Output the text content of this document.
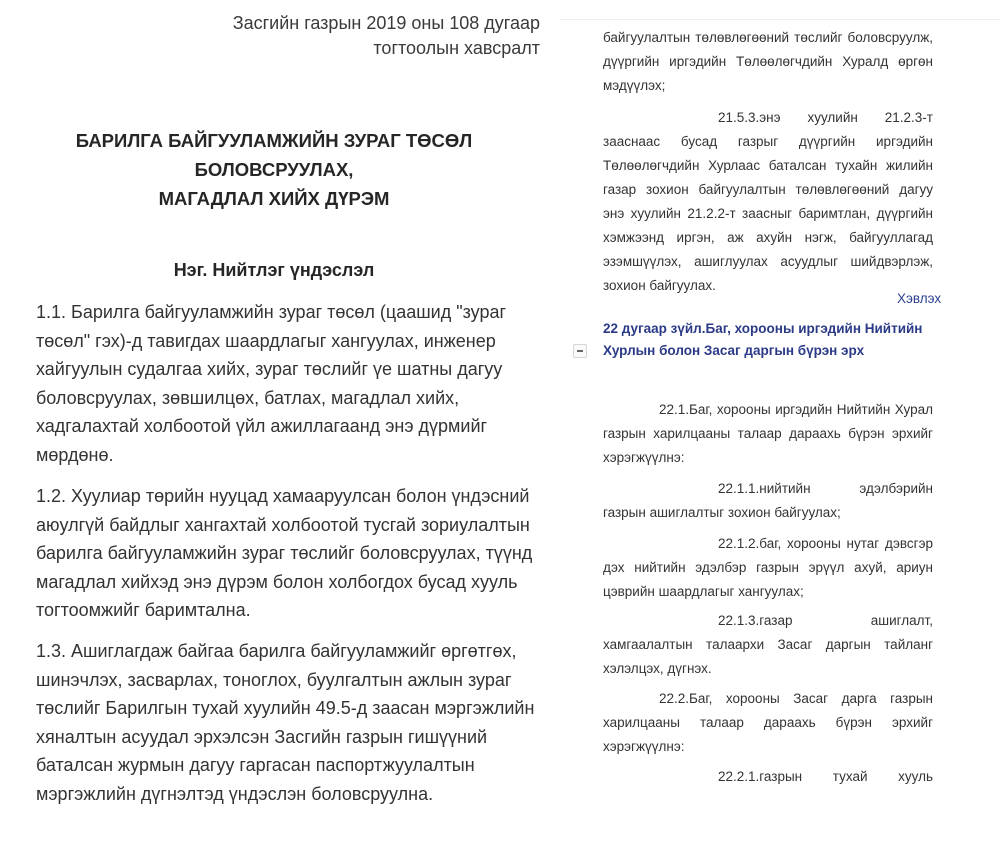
Засгийн газрын 2019 оны 108 дугаар
тогтоолын хавсралт
БАРИЛГА БАЙГУУЛАМЖИЙН ЗУРАГ ТӨСӨЛ
БОЛОВСРУУЛАХ,
МАГАДЛАЛ ХИЙХ ДҮРЭМ
Нэг. Нийтлэг үндэслэл

1.1. Барилга байгууламжийн зураг төсөл (цаашид "зураг төсөл" гэх)-д тавигдах шаардлагыг хангуулах, инженер хайгуулын судалгаа хийх, зураг төслийг үе шатны дагуу боловсруулах, зөвшилцөх, батлах, магадлал хийх, хадгалахтай холбоотой үйл ажиллагаанд энэ дүрмийг мөрдөнө.

1.2. Хуулиар төрийн нууцад хамааруулсан болон үндэсний аюулгүй байдлыг хангахтай холбоотой тусгай зориулалтын барилга байгууламжийн зураг төслийг боловсруулах, түүнд магадлал хийхэд энэ дүрэм болон холбогдох бусад хууль тогтоомжийг баримтална.

1.3. Ашиглагдаж байгаа барилга байгууламжийг өргөтгөх, шинэчлэх, засварлах, тоноглох, буулгалтын ажлын зураг төслийг Барилгын тухай хуулийн 49.5-д заасан мэргэжлийн хяналтын асуудал эрхэлсэн Засгийн газрын гишүүний баталсан журмын дагуу гаргасан паспортжуулалтын мэргэжлийн дүгнэлтэд үндэслэн боловсруулна.

байгуулалтын төлөвлөгөөний төслийг боловсруулж, дүүргийн иргэдийн Төлөөлөгчдийн Хуралд өргөн мэдүүлэх;

21.5.3.энэ хуулийн 21.2.3-т зааснаас бусад газрыг дүүргийн иргэдийн Төлөөлөгчдийн Хурлаас баталсан тухайн жилийн газар зохион байгуулалтын төлөвлөгөөний дагуу энэ хуулийн 21.2.2-т заасныг баримтлан, дүүргийн хэмжээнд иргэн, аж ахуйн нэгж, байгууллагад эзэмшүүлэх, ашиглуулах асуудлыг шийдвэрлэж, зохион байгуулах.

Хэвлэх
22 дугаар зүйл.Баг, хорооны иргэдийн Нийтийн Хурлын болон Засаг даргын бүрэн эрх

22.1.Баг, хорооны иргэдийн Нийтийн Хурал газрын харилцааны талаар дараахь бүрэн эрхийг хэрэгжүүлнэ:

22.1.1.нийтийн эдэлбэрийн газрын ашиглалтыг зохион байгуулах;

22.1.2.баг, хорооны нутаг дэвсгэр дэх нийтийн эдэлбэр газрын эрүүл ахуй, ариун цэврийн шаардлагыг хангуулах;

22.1.3.газар ашиглалт, хамгаалалтын талаархи Засаг даргын тайланг хэлэлцэх, дүгнэх.

22.2.Баг, хорооны Засаг дарга газрын харилцааны талаар дараахь бүрэн эрхийг хэрэгжүүлнэ:

22.2.1.газрын тухай хууль
